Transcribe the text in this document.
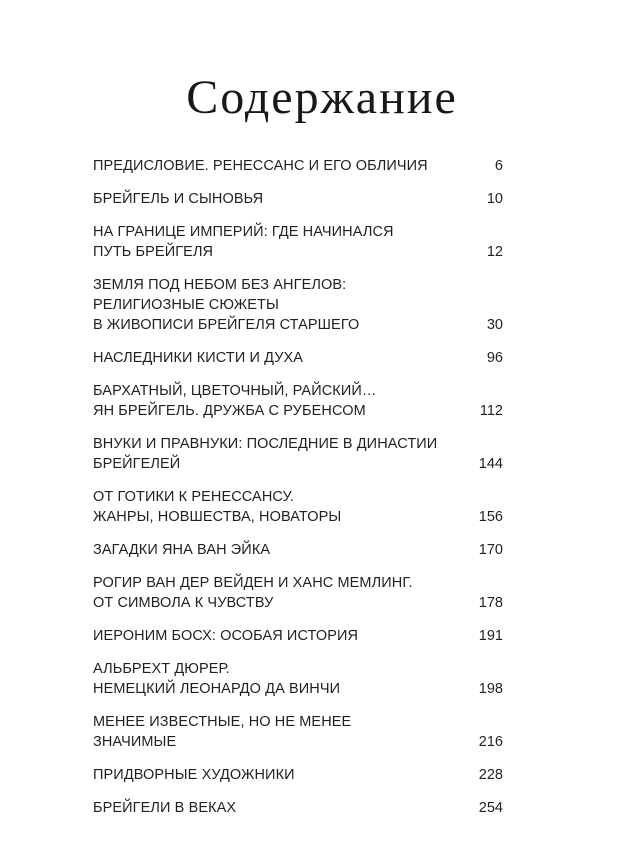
Содержание
ПРЕДИСЛОВИЕ. РЕНЕССАНС И ЕГО ОБЛИЧИЯ	6
БРЕЙГЕЛЬ И СЫНОВЬЯ	10
НА ГРАНИЦЕ ИМПЕРИЙ: ГДЕ НАЧИНАЛСЯ
ПУТЬ БРЕЙГЕЛЯ	12
ЗЕМЛЯ ПОД НЕБОМ БЕЗ АНГЕЛОВ:
РЕЛИГИОЗНЫЕ СЮЖЕТЫ
В ЖИВОПИСИ БРЕЙГЕЛЯ СТАРШЕГО	30
НАСЛЕДНИКИ КИСТИ И ДУХА	96
БАРХАТНЫЙ, ЦВЕТОЧНЫЙ, РАЙСКИЙ…
ЯН БРЕЙГЕЛЬ. ДРУЖБА С РУБЕНСОМ	112
ВНУКИ И ПРАВНУКИ: ПОСЛЕДНИЕ В ДИНАСТИИ
БРЕЙГЕЛЕЙ	144
ОТ ГОТИКИ К РЕНЕССАНСУ.
ЖАНРЫ, НОВШЕСТВА, НОВАТОРЫ	156
ЗАГАДКИ ЯНА ВАН ЭЙКА	170
РОГИР ВАН ДЕР ВЕЙДЕН И ХАНС МЕМЛИНГ.
ОТ СИМВОЛА К ЧУВСТВУ	178
ИЕРОНИМ БОСХ: ОСОБАЯ ИСТОРИЯ	191
АЛЬБРЕХТ ДЮРЕР.
НЕМЕЦКИЙ ЛЕОНАРДО ДА ВИНЧИ	198
МЕНЕЕ ИЗВЕСТНЫЕ, НО НЕ МЕНЕЕ ЗНАЧИМЫЕ	216
ПРИДВОРНЫЕ ХУДОЖНИКИ	228
БРЕЙГЕЛИ В ВЕКАХ	254
